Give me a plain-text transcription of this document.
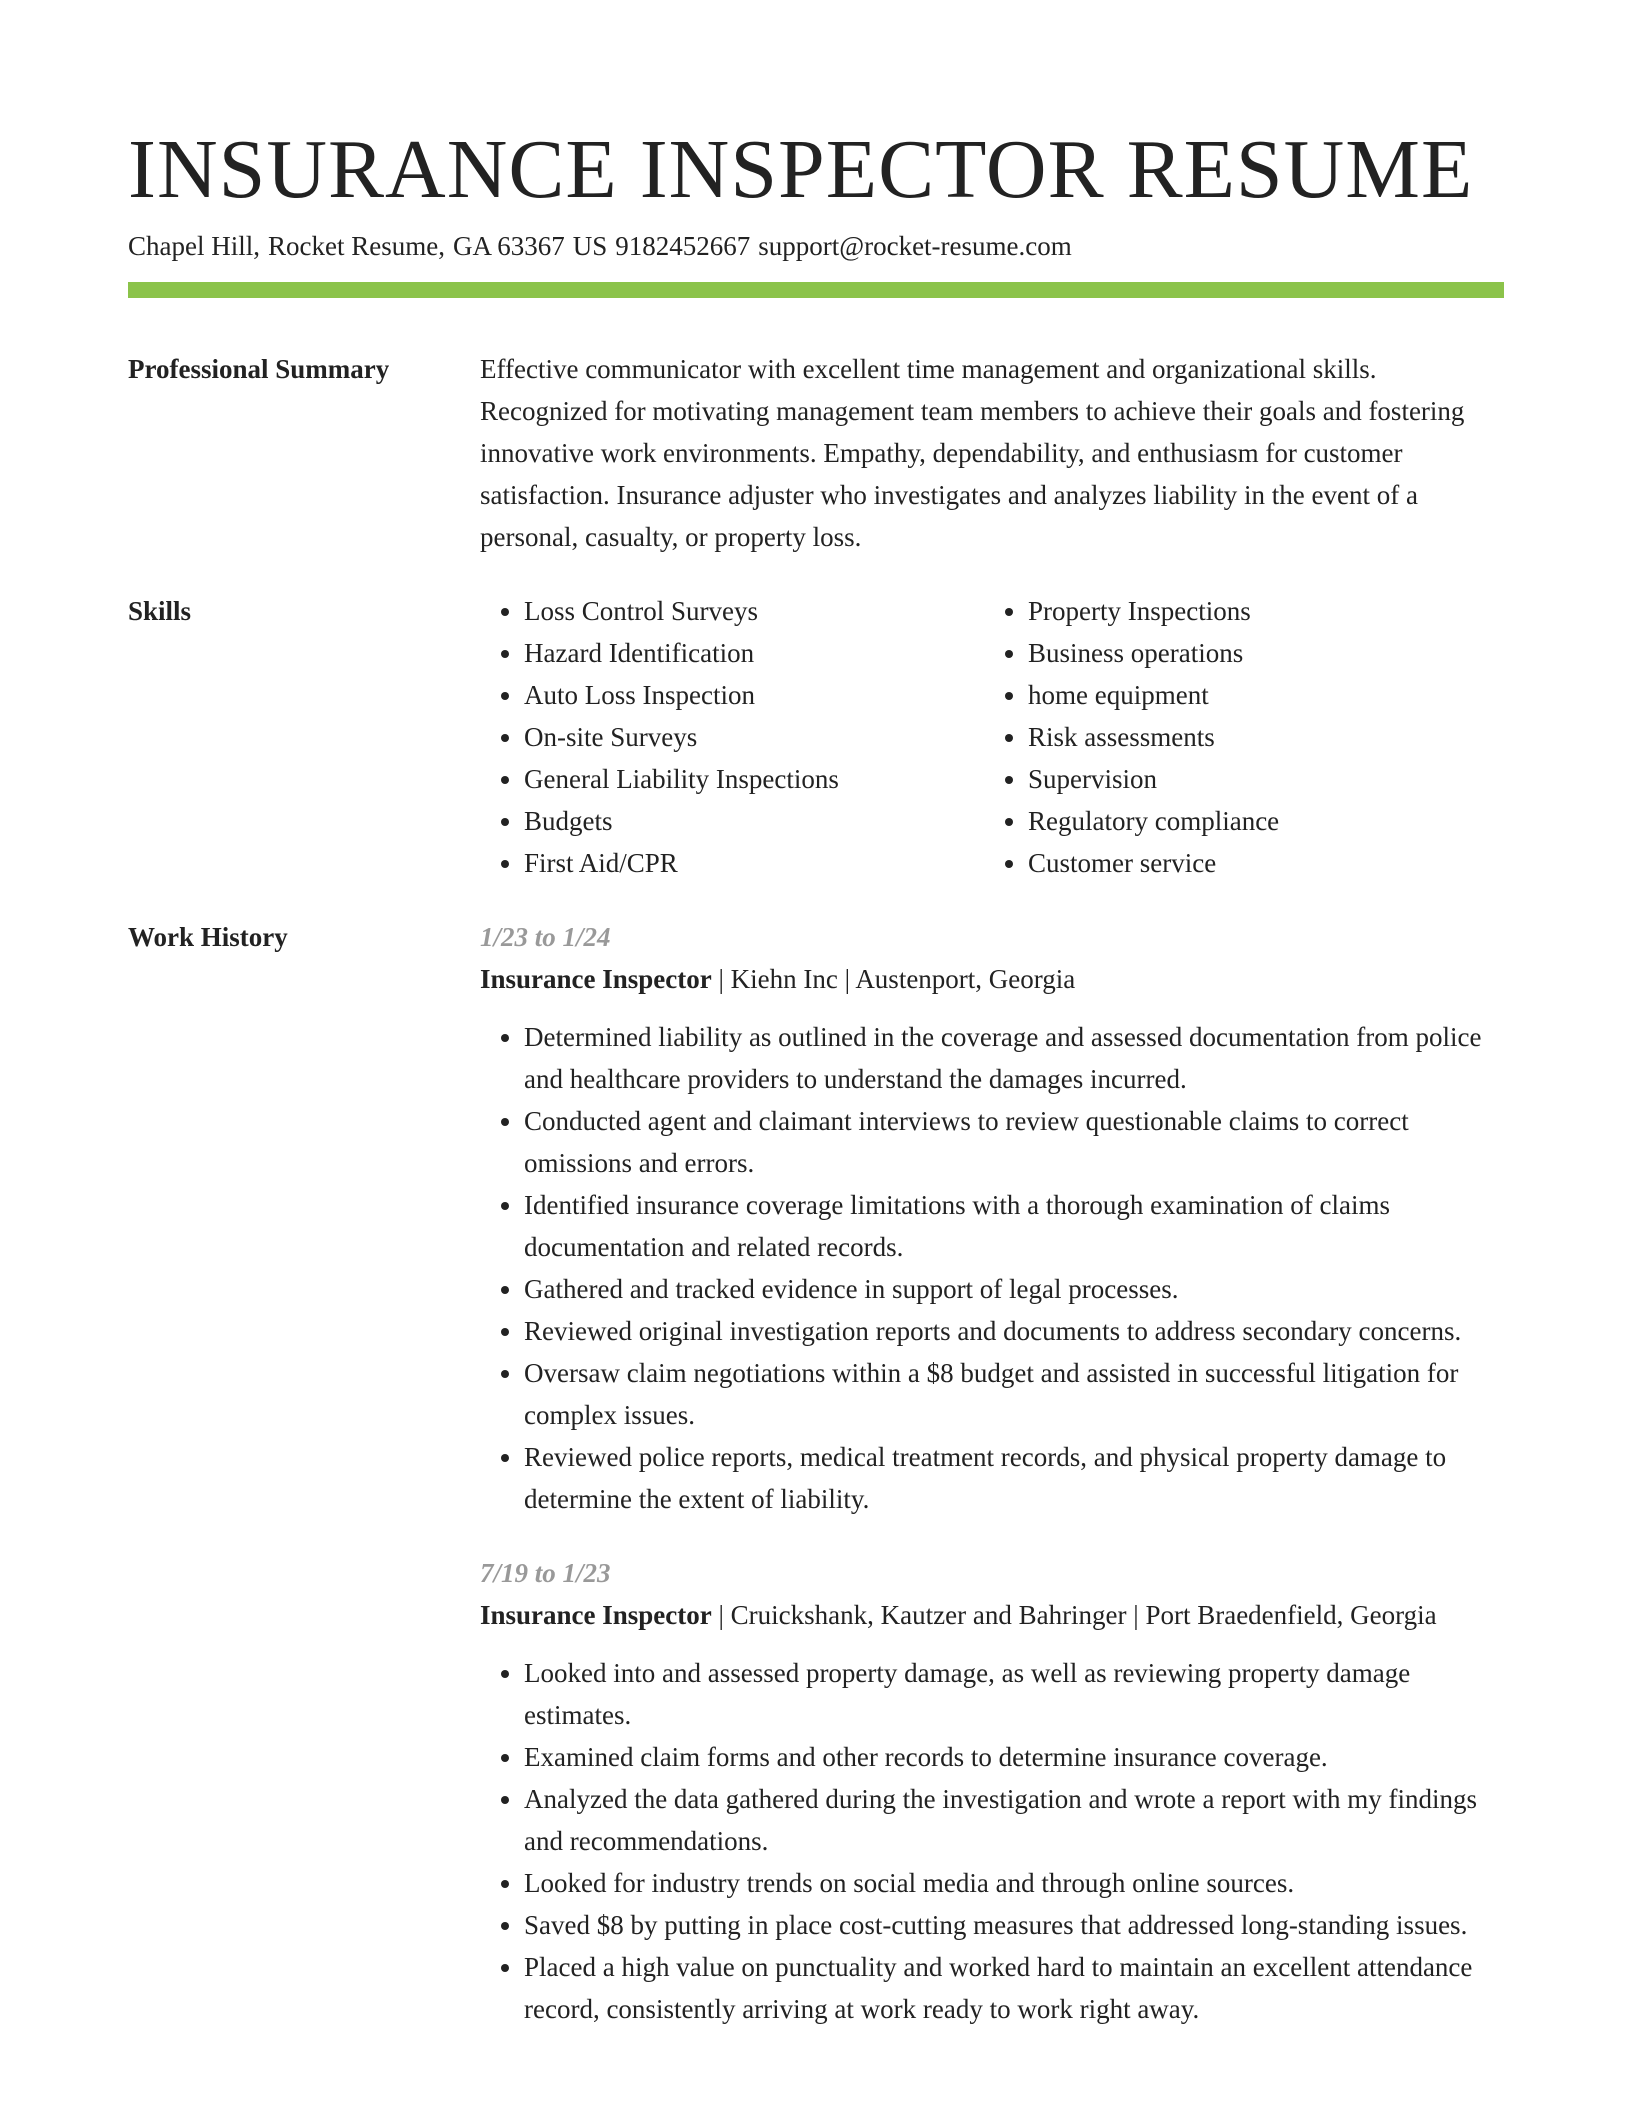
INSURANCE INSPECTOR RESUME
Chapel Hill, Rocket Resume, GA 63367 US 9182452667 support@rocket-resume.com
Professional Summary	Effective communicator with excellent time management and organizational skills. Recognized for motivating management team members to achieve their goals and fostering innovative work environments. Empathy, dependability, and enthusiasm for customer satisfaction. Insurance adjuster who investigates and analyzes liability in the event of a personal, casualty, or property loss.
Skills
•	Loss Control Surveys
• Hazard Identification
• Auto Loss Inspection
• On-site Surveys
• General Liability Inspections
• Budgets
• First Aid/CPR
• Property Inspections
• Business operations
• home equipment
• Risk assessments
• Supervision
• Regulatory compliance
• Customer service
Work History	1/23 to 1/24
Insurance Inspector | Kiehn Inc | Austenport, Georgia
• Determined liability as outlined in the coverage and assessed documentation from police and healthcare providers to understand the damages incurred.
• Conducted agent and claimant interviews to review questionable claims to correct omissions and errors.
• Identified insurance coverage limitations with a thorough examination of claims documentation and related records.
• Gathered and tracked evidence in support of legal processes.
• Reviewed original investigation reports and documents to address secondary concerns.
• Oversaw claim negotiations within a $8 budget and assisted in successful litigation for complex issues.
• Reviewed police reports, medical treatment records, and physical property damage to determine the extent of liability.
7/19 to 1/23
Insurance Inspector | Cruickshank, Kautzer and Bahringer | Port Braedenfield, Georgia
• Looked into and assessed property damage, as well as reviewing property damage estimates.
• Examined claim forms and other records to determine insurance coverage.
• Analyzed the data gathered during the investigation and wrote a report with my findings and recommendations.
• Looked for industry trends on social media and through online sources.
• Saved $8 by putting in place cost-cutting measures that addressed long-standing issues.
• Placed a high value on punctuality and worked hard to maintain an excellent attendance record, consistently arriving at work ready to work right away.
